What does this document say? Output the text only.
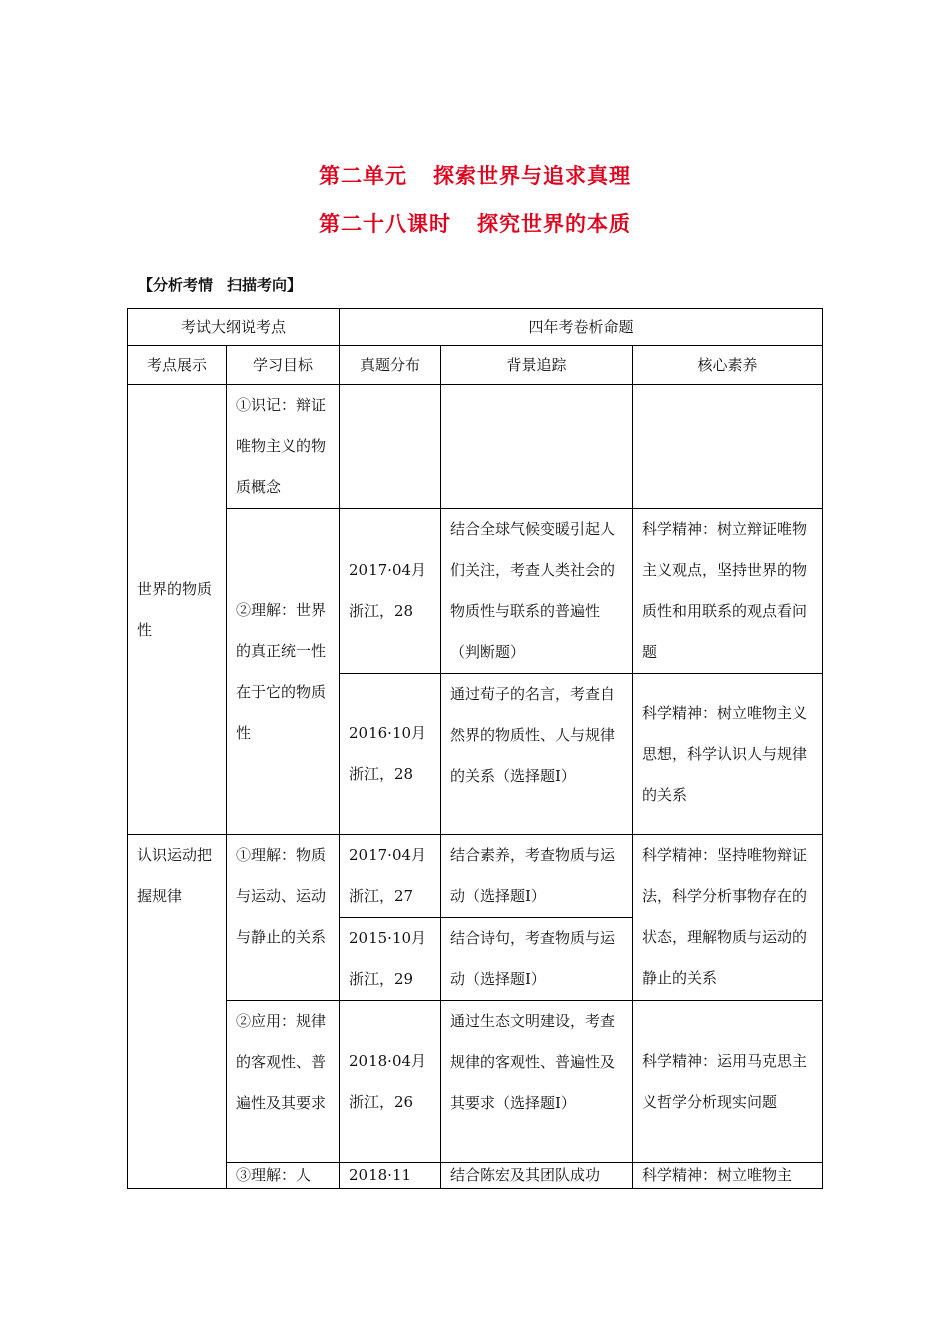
第二单元 探索世界与追求真理
第二十八课时 探究世界的本质
【分析考情 扫描考向】
考试大纲说考点		四年考卷析命题		
考点展示	学习目标	真题分布	背景追踪	核心素养
世界的物质性	①识记：辩证唯物主义的物质概念			
	②理解：世界的真正统一性在于它的物质性	2017·04月浙江，28	结合全球气候变暖引起人们关注，考查人类社会的物质性与联系的普遍性（判断题）	科学精神：树立辩证唯物主义观点，坚持世界的物质性和用联系的观点看问题
		2016·10月浙江，28	通过荀子的名言，考查自然界的物质性、人与规律的关系（选择题Ⅰ）	科学精神：树立唯物主义思想，科学认识人与规律的关系
认识运动把握规律	①理解：物质与运动、运动与静止的关系	2017·04月浙江，27	结合素养，考查物质与运动（选择题Ⅰ）	科学精神：坚持唯物辩证法，科学分析事物存在的状态，理解物质与运动的静止的关系
		2015·10月浙江，29	结合诗句，考查物质与运动（选择题Ⅰ）	
	②应用：规律的客观性、普遍性及其要求	2018·04月浙江，26	通过生态文明建设，考查规律的客观性、普遍性及其要求（选择题Ⅰ）	科学精神：运用马克思主义哲学分析现实问题
	③理解：人	2018·11	结合陈宏及其团队成功	科学精神：树立唯物主
